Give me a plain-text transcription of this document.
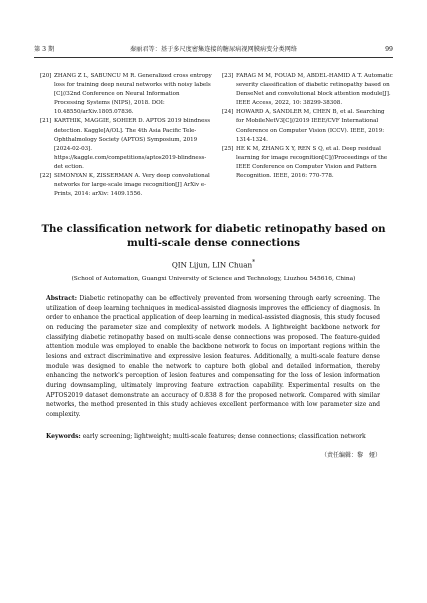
第 3 期	秦丽君等：基于多尺度密集连接的糖尿病视网膜病变分类网络	99
[20] ZHANG Z L, SABUNCU M R. Generalized cross entropy loss for training deep neural networks with noisy labels [C]//32nd Conference on Neural Information Processing Systems (NIPS), 2018. DOI: 10.48550/arXiv.1805.07836.
[21] KARTHIK, MAGGIE, SOHIER D. APTOS 2019 blindness detection. Kaggle[A/OL]. The 4th Asia Pacific Tele-Ophthalmology Society (APTOS) Symposium, 2019 [2024-02-03]. https://kaggle.com/competitions/aptos2019-blindness-det ection.
[22] SIMONYAN K, ZISSERMAN A. Very deep convolutional networks for large-scale image recognition[J] ArXiv e-Prints, 2014: arXiv: 1409.1556.
[23] FARAG M M, FOUAD M, ABDEL-HAMID A T. Automatic severity classification of diabetic retinopathy based on DenseNet and convolutional block attention module[J]. IEEE Access, 2022, 10: 38299-38308.
[24] HOWARD A, SANDLER M, CHEN B, et al. Searching for MobileNetV3[C]//2019 IEEE/CVF International Conference on Computer Vision (ICCV). IEEE, 2019: 1314-1324.
[25] HE K M, ZHANG X Y, REN S Q, et al. Deep residual learning for image recognition[C]//Proceedings of the IEEE Conference on Computer Vision and Pattern Recognition. IEEE, 2016: 770-778.
The classification network for diabetic retinopathy based on multi-scale dense connections
QIN Lijun, LIN Chuan*
(School of Automation, Guangxi University of Science and Technology, Liuzhou 545616, China)
Abstract: Diabetic retinopathy can be effectively prevented from worsening through early screening. The utilization of deep learning techniques in medical-assisted diagnosis improves the efficiency of diagnosis. In order to enhance the practical application of deep learning in medical-assisted diagnosis, this study focused on reducing the parameter size and complexity of network models. A lightweight backbone network for classifying diabetic retinopathy based on multi-scale dense connections was proposed. The feature-guided attention module was employed to enable the backbone network to focus on important regions within the lesions and extract discriminative and expressive lesion features. Additionally, a multi-scale feature dense module was designed to enable the network to capture both global and detailed information, thereby enhancing the network's perception of lesion features and compensating for the loss of lesion information during downsampling, ultimately improving feature extraction capability. Experimental results on the APTOS2019 dataset demonstrate an accuracy of 0.838 8 for the proposed network. Compared with similar networks, the method presented in this study achieves excellent performance with low parameter size and complexity.
Keywords: early screening; lightweight; multi-scale features; dense connections; classification network
（责任编辑：黎　娅）
